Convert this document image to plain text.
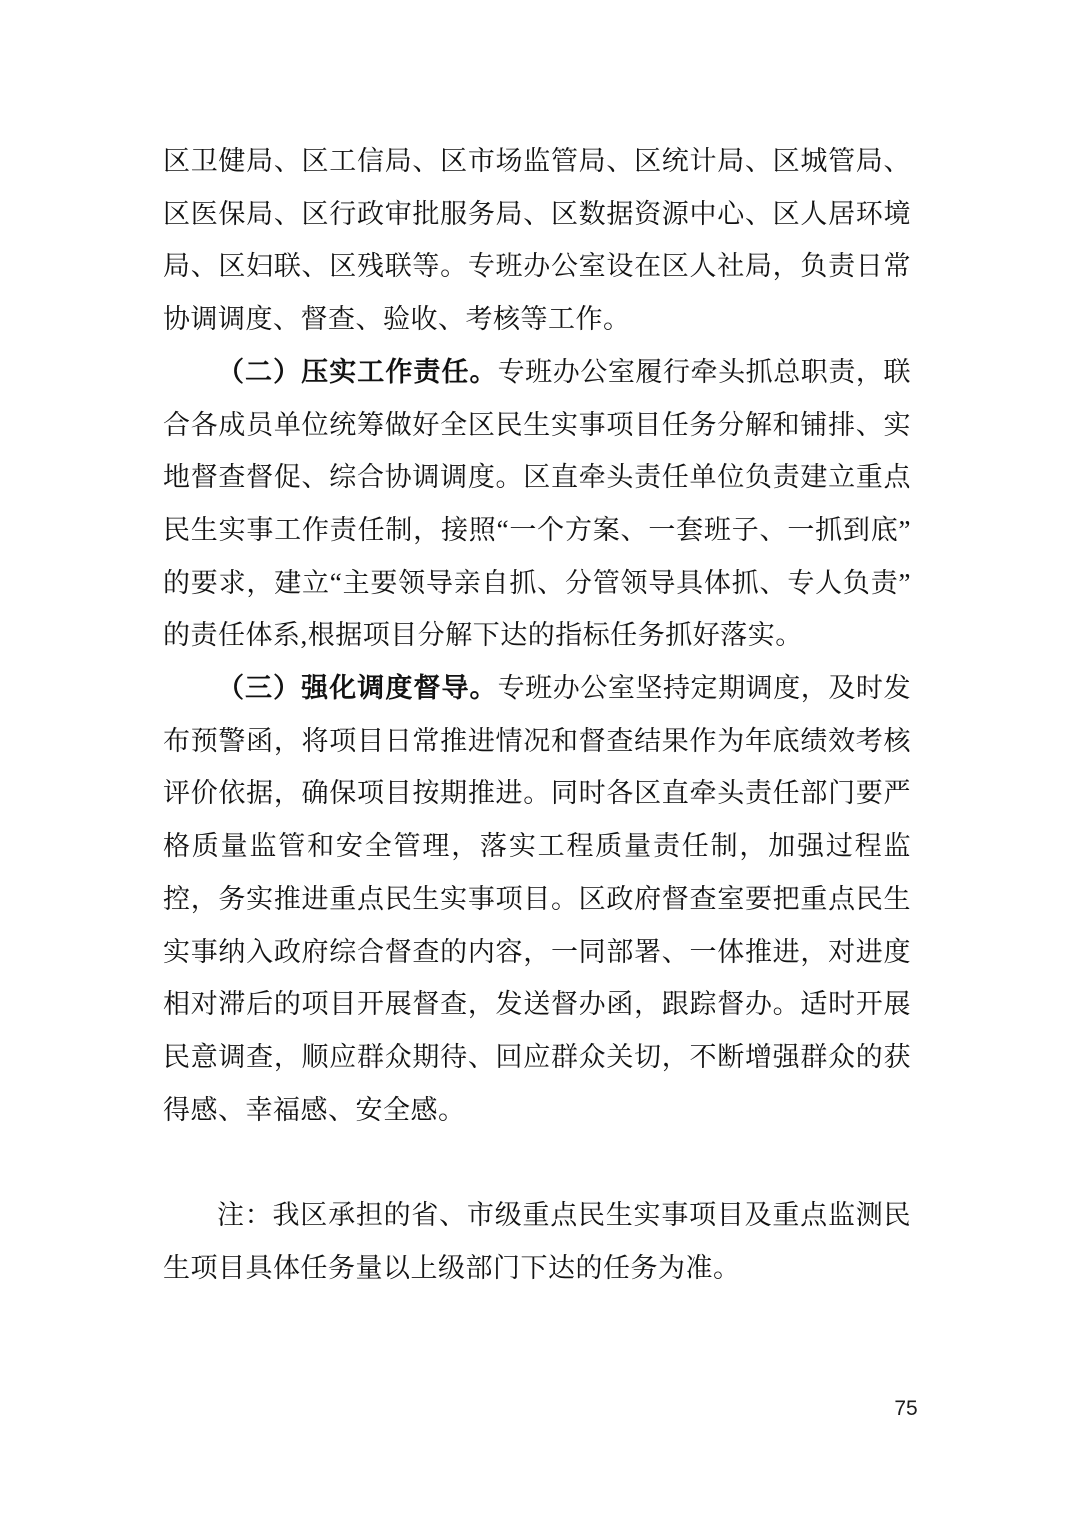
区卫健局、区工信局、区市场监管局、区统计局、区城管局、区医保局、区行政审批服务局、区数据资源中心、区人居环境局、区妇联、区残联等。专班办公室设在区人社局，负责日常协调调度、督查、验收、考核等工作。

（二）压实工作责任。专班办公室履行牵头抓总职责，联合各成员单位统筹做好全区民生实事项目任务分解和铺排、实地督查督促、综合协调调度。区直牵头责任单位负责建立重点民生实事工作责任制，接照“一个方案、一套班子、一抓到底”的要求，建立“主要领导亲自抓、分管领导具体抓、专人负责”的责任体系,根据项目分解下达的指标任务抓好落实。

（三）强化调度督导。专班办公室坚持定期调度，及时发布预警函，将项目日常推进情况和督查结果作为年底绩效考核评价依据，确保项目按期推进。同时各区直牵头责任部门要严格质量监管和安全管理，落实工程质量责任制，加强过程监控，务实推进重点民生实事项目。区政府督查室要把重点民生实事纳入政府综合督查的内容，一同部署、一体推进，对进度相对滞后的项目开展督查，发送督办函，跟踪督办。适时开展民意调查，顺应群众期待、回应群众关切，不断增强群众的获得感、幸福感、安全感。

注：我区承担的省、市级重点民生实事项目及重点监测民生项目具体任务量以上级部门下达的任务为准。

75
